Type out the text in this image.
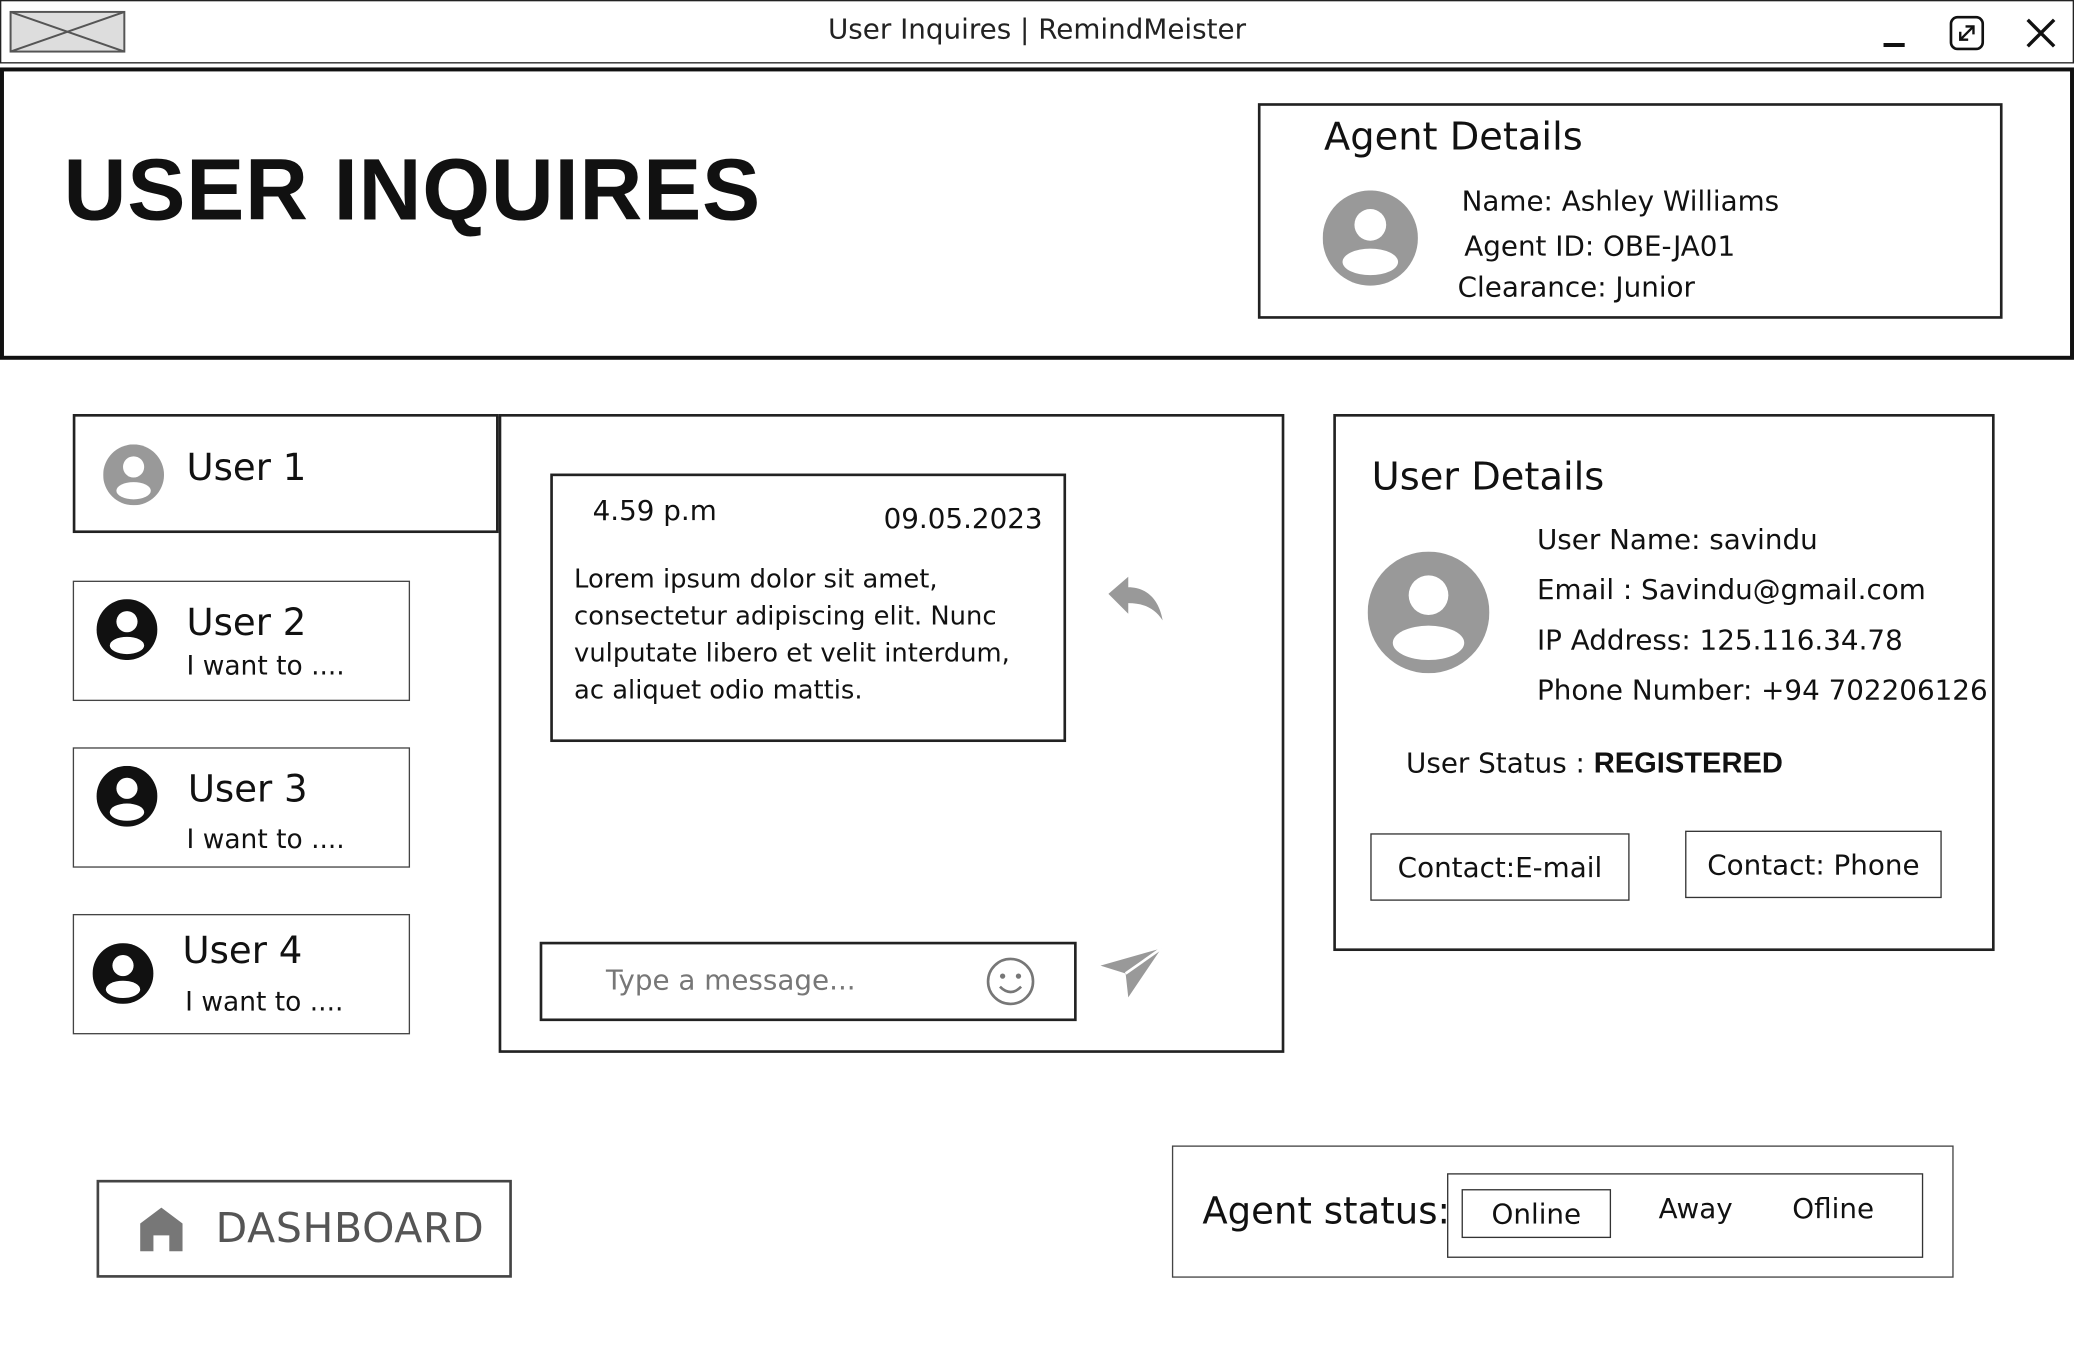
User Inquires | RemindMeister
USER INQUIRES
Agent Details
Name: Ashley Williams
Agent ID: OBE-JA01
Clearance: Junior
User 1
User 2
I want to ....
User 3
I want to ....
User 4
I want to ....
4.59 p.m	09.05.2023
Lorem ipsum dolor sit amet, consectetur adipiscing elit. Nunc vulputate libero et velit interdum, ac aliquet odio mattis.
Type a message...
User Details
User Name: savindu
Email : Savindu@gmail.com
IP Address: 125.116.34.78
Phone Number: +94 702206126
User Status : REGISTERED
Contact:E-mail	Contact: Phone
DASHBOARD	Agent status:	Online	Away	Ofline
